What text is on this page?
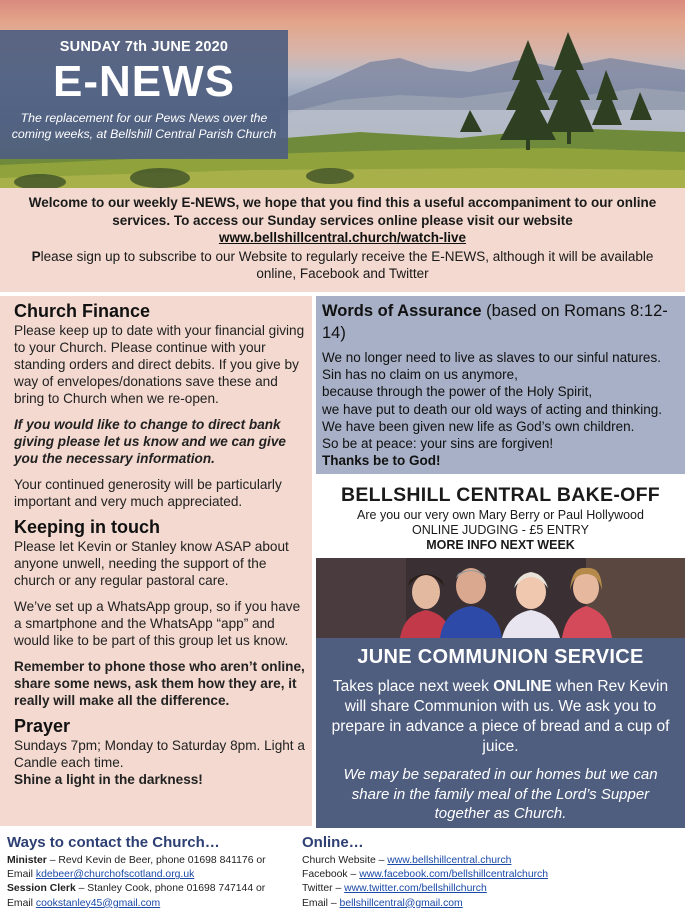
SUNDAY 7th JUNE 2020
E-NEWS
The replacement for our Pews News over the coming weeks, at Bellshill Central Parish Church
Welcome to our weekly E-NEWS, we hope that you find this a useful accompaniment to our online services. To access our Sunday services online please visit our website
www.bellshillcentral.church/watch-live
Please sign up to subscribe to our Website to regularly receive the E-NEWS, although it will be available online, Facebook and Twitter
Church Finance

Please keep up to date with your financial giving to your Church. Please continue with your standing orders and direct debits. If you give by way of envelopes/donations save these and bring to Church when we re-open.

If you would like to change to direct bank giving please let us know and we can give you the necessary information.

Your continued generosity will be particularly important and very much appreciated.

Keeping in touch

Please let Kevin or Stanley know ASAP about anyone unwell, needing the support of the church or any regular pastoral care.

We’ve set up a WhatsApp group, so if you have a smartphone and the WhatsApp “app” and would like to be part of this group let us know.

Remember to phone those who aren’t online, share some news, ask them how they are, it really will make all the difference.

Prayer

Sundays 7pm; Monday to Saturday 8pm. Light a Candle each time.

Shine a light in the darkness!

Words of Assurance (based on Romans 8:12-14)
We no longer need to live as slaves to our sinful natures.
Sin has no claim on us anymore,
because through the power of the Holy Spirit,
we have put to death our old ways of acting and thinking.
We have been given new life as God’s own children.
So be at peace: your sins are forgiven!
Thanks be to God!
BELLSHILL CENTRAL BAKE-OFF
Are you our very own Mary Berry or Paul Hollywood
ONLINE JUDGING - £5 ENTRY
MORE INFO NEXT WEEK
JUNE COMMUNION SERVICE
Takes place next week ONLINE when Rev Kevin will share Communion with us. We ask you to prepare in advance a piece of bread and a cup of juice.
We may be separated in our homes but we can share in the family meal of the Lord’s Supper together as Church.
Ways to contact the Church…
Minister – Revd Kevin de Beer, phone 01698 841176 or
Email kdebeer@churchofscotland.org.uk
Session Clerk – Stanley Cook, phone 01698 747144 or
Email cookstanley45@gmail.com
Online…
Church Website – www.bellshillcentral.church
Facebook – www.facebook.com/bellshillcentralchurch
Twitter – www.twitter.com/bellshillchurch
Email – bellshillcentral@gmail.com
